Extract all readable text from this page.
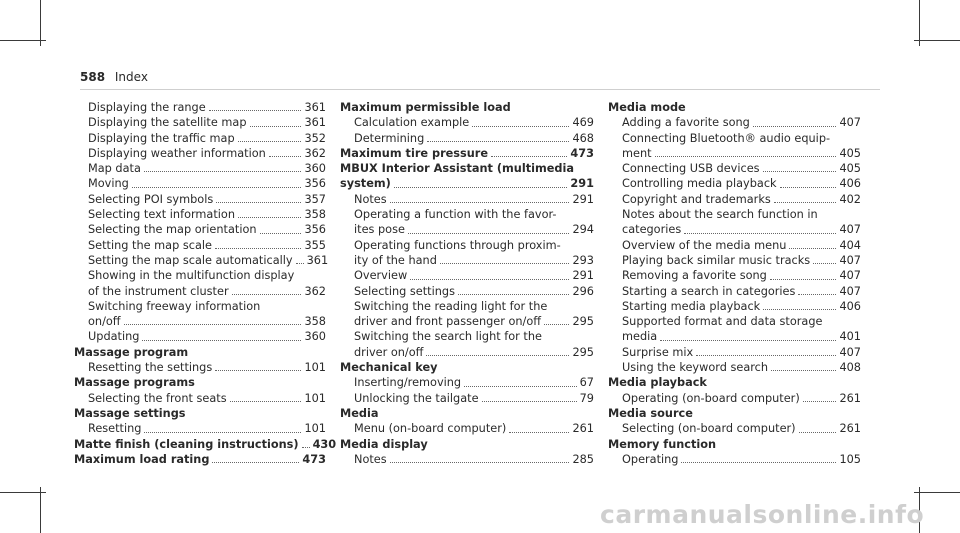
588 Index
Displaying the range	361
Displaying the satellite map	361
Displaying the traffic map	352
Displaying weather information	362
Map data	360
Moving	356
Selecting POI symbols	357
Selecting text information	358
Selecting the map orientation	356
Setting the map scale	355
Setting the map scale automatically 361
Showing in the multifunction display
of the instrument cluster	362
Switching freeway information
on/off	358
Updating	360
Massage program
Resetting the settings	101
Massage programs
Selecting the front seats	101
Massage settings
Resetting	101
Matte finish (cleaning instructions) 430
Maximum load rating	473
Maximum permissible load
Calculation example	469
Determining	468
Maximum tire pressure	473
MBUX Interior Assistant (multimedia
system)	291
Notes	291
Operating a function with the favor-
ites pose	294
Operating functions through proxim-
ity of the hand	293
Overview	291
Selecting settings	296
Switching the reading light for the
driver and front passenger on/off	295
Switching the search light for the
driver on/off	295
Mechanical key
Inserting/removing	67
Unlocking the tailgate	79
Media
Menu (on-board computer)	261
Media display
Notes	285
Media mode
Adding a favorite song	407
Connecting Bluetooth® audio equip-
ment	405
Connecting USB devices	405
Controlling media playback	406
Copyright and trademarks	402
Notes about the search function in
categories	407
Overview of the media menu	404
Playing back similar music tracks	407
Removing a favorite song	407
Starting a search in categories	407
Starting media playback	406
Supported format and data storage
media	401
Surprise mix	407
Using the keyword search	408
Media playback
Operating (on-board computer)	261
Media source
Selecting (on-board computer)	261
Memory function
Operating	105
carmanualsonline.info
